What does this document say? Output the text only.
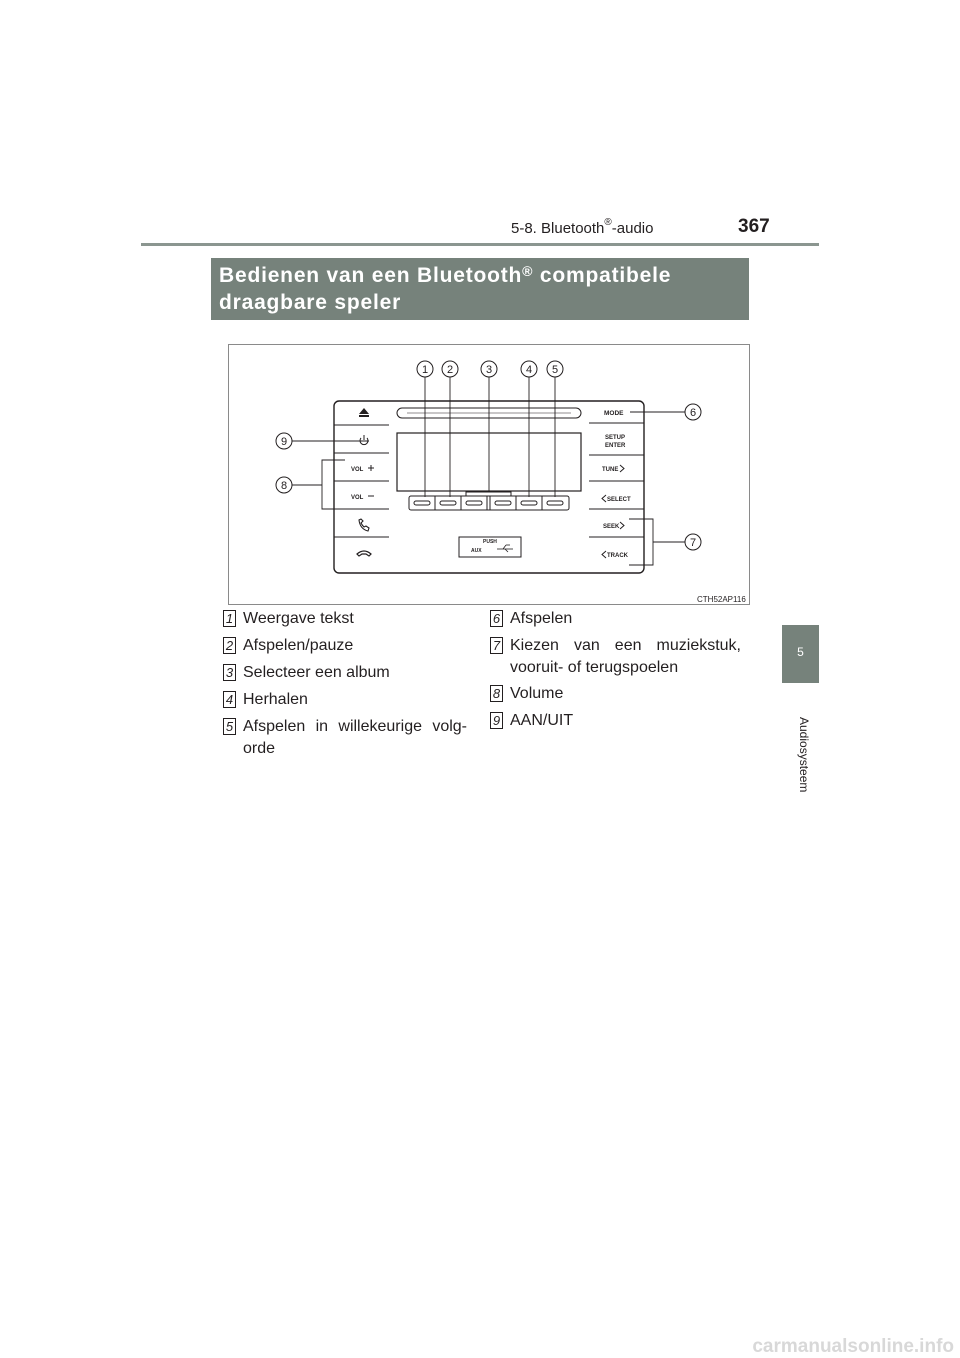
5-8. Bluetooth®-audio	367
5
Audiosysteem
Bedienen van een Bluetooth® compatibele
draagbare speler
PUSH
AUX
VOL
VOL
MODE
SETUP
ENTER
TUNE
SELECT
SEEK
TRACK
1 2	3	4 5
6
7
8
9
CTH52AP116
1 Weergave tekst
2 Afspelen/pauze
3 Selecteer een album
4 Herhalen
5 Afspelen in willekeurige volg-
orde
6 Afspelen
7 Kiezen van een muziekstuk,
vooruit- of terugspoelen
8 Volume
9 AAN/UIT
carmanualsonline.info
